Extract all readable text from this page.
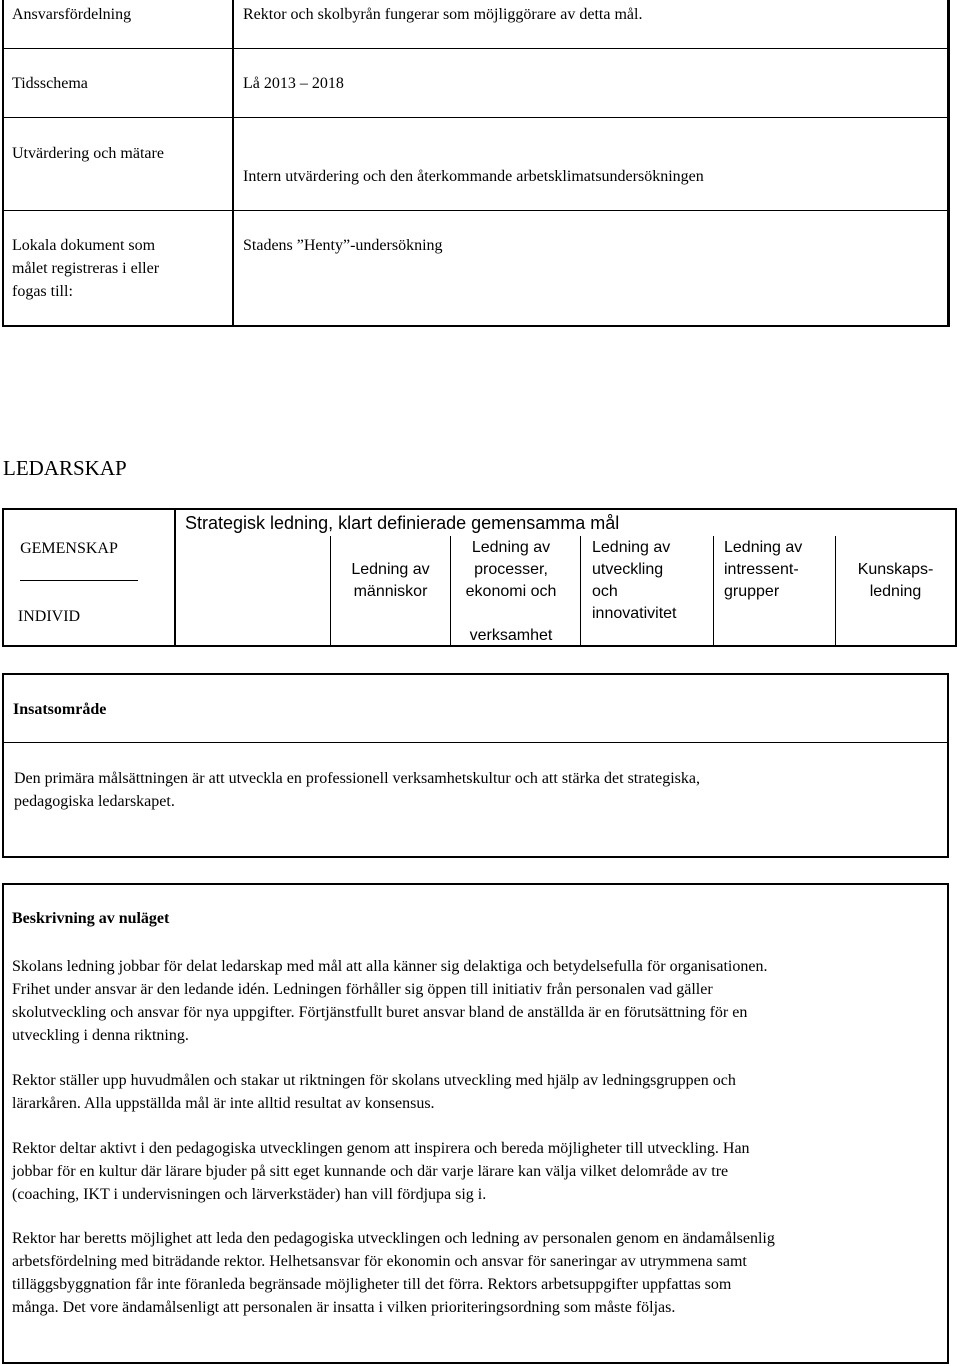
Ansvarsfördelning	Rektor och skolbyrån fungerar som möjliggörare av detta mål.
Tidsschema	Lå 2013 – 2018
Utvärdering och mätare
Intern utvärdering och den återkommande arbetsklimatsundersökningen
Lokala dokument som
målet registreras i eller
fogas till:
Stadens ”Henty”-undersökning
LEDARSKAP
GEMENSKAP
INDIVID
Strategisk ledning, klart definierade gemensamma mål
Ledning av
människor
Ledning av
processer,
ekonomi och
verksamhet
Ledning av
utveckling
och
innovativitet
Ledning av
intressent-
grupper
Kunskaps-
ledning
Insatsområde
Den primära målsättningen är att utveckla en professionell verksamhetskultur och att stärka det strategiska,
pedagogiska ledarskapet.
Beskrivning av nuläget
Skolans ledning jobbar för delat ledarskap med mål att alla känner sig delaktiga och betydelsefulla för organisationen.
Frihet under ansvar är den ledande idén. Ledningen förhåller sig öppen till initiativ från personalen vad gäller
skolutveckling och ansvar för nya uppgifter. Förtjänstfullt buret ansvar bland de anställda är en förutsättning för en
utveckling i denna riktning.
Rektor ställer upp huvudmålen och stakar ut riktningen för skolans utveckling med hjälp av ledningsgruppen och
lärarkåren. Alla uppställda mål är inte alltid resultat av konsensus.
Rektor deltar aktivt i den pedagogiska utvecklingen genom att inspirera och bereda möjligheter till utveckling. Han
jobbar för en kultur där lärare bjuder på sitt eget kunnande och där varje lärare kan välja vilket delområde av tre
(coaching, IKT i undervisningen och lärverkstäder) han vill fördjupa sig i.
Rektor har beretts möjlighet att leda den pedagogiska utvecklingen och ledning av personalen genom en ändamålsenlig
arbetsfördelning med biträdande rektor. Helhetsansvar för ekonomin och ansvar för saneringar av utrymmena samt
tilläggsbyggnation får inte föranleda begränsade möjligheter till det förra. Rektors arbetsuppgifter uppfattas som
många. Det vore ändamålsenligt att personalen är insatta i vilken prioriteringsordning som måste följas.
